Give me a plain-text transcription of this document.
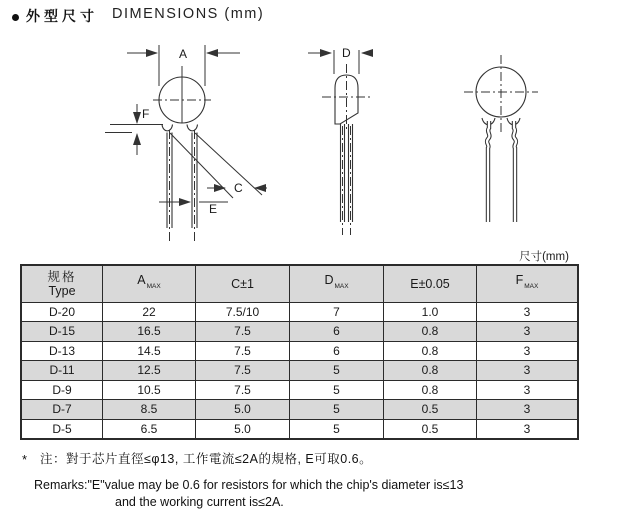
外型尺寸 DIMENSIONS (mm)
A
F
C
E
D
尺寸(mm)
规格
Type	$A_{MAX}$	C±1	$D_{MAX}$	E±0.05	$F_{MAX}$

D-20	22	7.5/10	7	1.0	3
D-15	16.5	7.5	6	0.8	3
D-13	14.5	7.5	6	0.8	3
D-11	12.5	7.5	5	0.8	3
D-9	10.5	7.5	5	0.8	3
D-7	8.5	5.0	5	0.5	3
D-5	6.5	5.0	5	0.5	3
* 注：對于芯片直徑≤φ13, 工作電流≤2A的規格, E可取0.6。
Remarks:"E"value may be 0.6 for resistors for which the chip's diameter is≤13
and the working current is≤2A.
